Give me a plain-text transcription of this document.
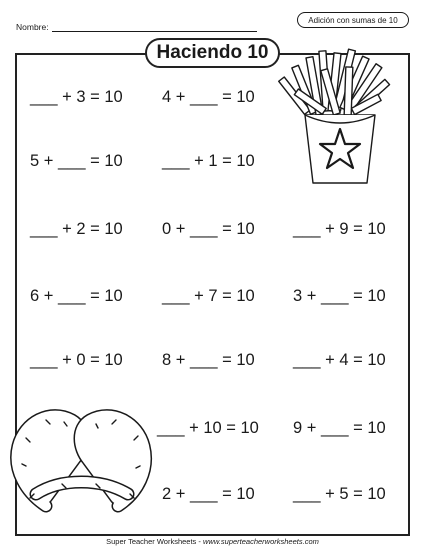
Nombre:
Adición con sumas de 10
Haciendo 10
___ + 3 = 10 4 + ___ = 10
5 + ___ = 10 ___ + 1 = 10
___ + 2 = 10 0 + ___ = 10 ___ + 9 = 10
6 + ___ = 10 ___ + 7 = 10 3 + ___ = 10
___ + 0 = 10 8 + ___ = 10 ___ + 4 = 10
___ + 10 = 10 9 + ___ = 10
2 + ___ = 10 ___ + 5 = 10
Super Teacher Worksheets - www.superteacherworksheets.com
